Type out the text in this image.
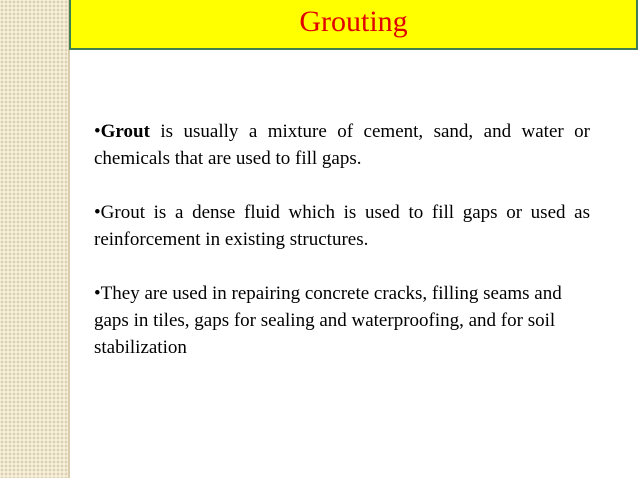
Grouting

•Grout is usually a mixture of cement, sand, and water or chemicals that are used to fill gaps.

•Grout is a dense fluid which is used to fill gaps or used as reinforcement in existing structures.

•They are used in repairing concrete cracks, filling seams and gaps in tiles, gaps for sealing and waterproofing, and for soil stabilization
